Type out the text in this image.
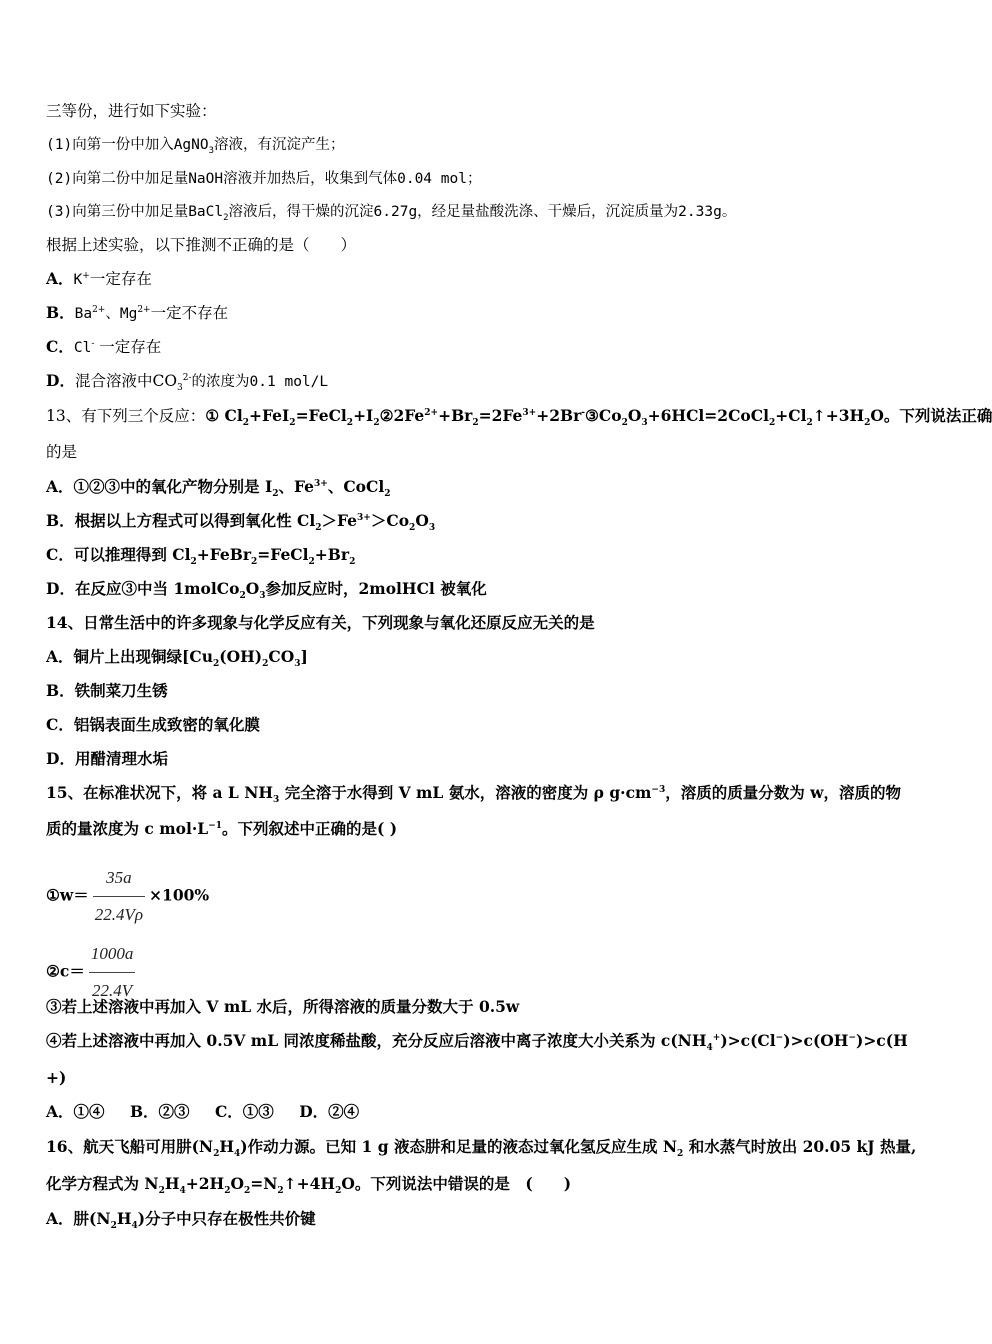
三等份，进行如下实验：
(1)向第一份中加入AgNO$_3$溶液，有沉淀产生；
(2)向第二份中加足量NaOH溶液并加热后，收集到气体0.04 mol；
(3)向第三份中加足量BaCl$_2$溶液后，得干燥的沉淀6.27g，经足量盐酸洗涤、干燥后，沉淀质量为2.33g。
根据上述实验，以下推测不正确的是（　　）
A．K+一定存在
B．$Ba^{2+}$、$Mg^{2+}$一定不存在
C．Cl- 一定存在
D．混合溶液中$CO_3^{2-}$的浓度为0.1 mol/L
13、有下列三个反应：① $Cl_2+FeI_2=FeCl_2+I_2②2Fe^{2+}+Br_2=2Fe^{3+}+2Br^-③Co_2O_3+6HCl=2CoCl_2+Cl_2↑+3H_2O$。下列说法正确
的是
A．①②③中的氧化产物分别是 $I_2$、$Fe^{3+}$、CoCl$_2$
B．根据以上方程式可以得到氧化性 $Cl_2>Fe^{3+}>Co_2O_3$
C．可以推理得到 $Cl_2+FeBr_2=FeCl_2+Br_2$
D．在反应③中当 $1molCo_2O_3$参加反应时，2molHCl 被氧化
14、日常生活中的许多现象与化学反应有关，下列现象与氧化还原反应无关的是
A．铜片上出现铜绿$[Cu_2(OH)_2CO_3]$
B．铁制菜刀生锈
C．铝锅表面生成致密的氧化膜
D．用醋清理水垢
15、在标准状况下，将 a L $NH_3$ 完全溶于水得到 V mL 氨水，溶液的密度为 ρ $g\cdot cm^{-3}$，溶质的质量分数为 w，溶质的物
质的量浓度为 c $mol\cdot L^{-1}$。下列叙述中正确的是( )
①w＝ $\frac{35a}{22.4V\rho} \times 100\%$
②c＝ $\frac{1000a}{22.4V}$
③若上述溶液中再加入 V mL 水后，所得溶液的质量分数大于 0.5w
④若上述溶液中再加入 0.5V mL 同浓度稀盐酸，充分反应后溶液中离子浓度大小关系为 $c(NH_4^+)>c(Cl^-)>c(OH^-)>c(H$
+)
A．①④ B．②③ C．①③ D．②④
16、航天飞船可用肼$(N_2H_4)$作动力源。已知 1 g 液态肼和足量的液态过氧化氢反应生成 $N_2$ 和水蒸气时放出 20.05 kJ 热量,
化学方程式为 $N_2H_4+2H_2O_2=N_2↑+4H_2O$。下列说法中错误的是　(　　)
A．肼$(N_2H_4)$分子中只存在极性共价键
